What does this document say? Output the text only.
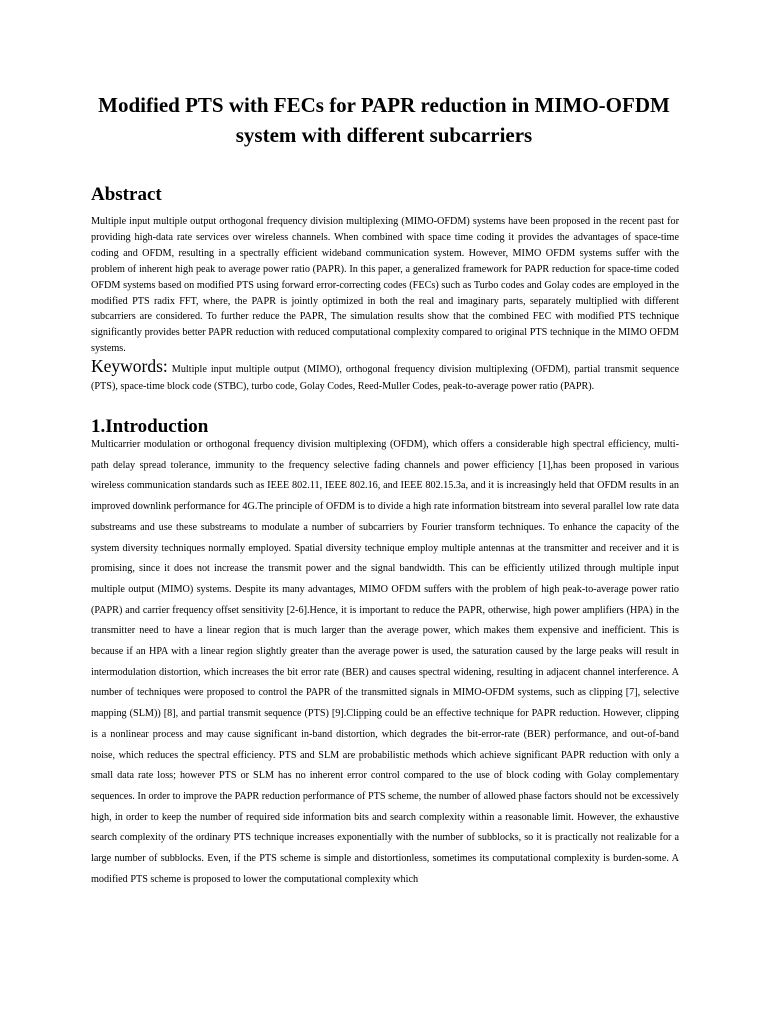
Modified PTS with FECs for PAPR reduction in MIMO-OFDM
system with different subcarriers
Abstract

Multiple input multiple output orthogonal frequency division multiplexing (MIMO-OFDM) systems have been proposed in the recent past for providing high-data rate services over wireless channels. When combined with space time coding it provides the advantages of space-time coding and OFDM, resulting in a spectrally efficient wideband communication system. However, MIMO OFDM systems suffer with the problem of inherent high peak to average power ratio (PAPR). In this paper, a generalized framework for PAPR reduction for space-time coded OFDM systems based on modified PTS using forward error-correcting codes (FECs) such as Turbo codes and Golay codes are employed in the modified PTS radix FFT, where, the PAPR is jointly optimized in both the real and imaginary parts, separately multiplied with different subcarriers are considered. To further reduce the PAPR, The simulation results show that the combined FEC with modified PTS technique significantly provides better PAPR reduction with reduced computational complexity compared to original PTS technique in the MIMO OFDM systems.

Keywords: Multiple input multiple output (MIMO), orthogonal frequency division multiplexing (OFDM), partial transmit sequence (PTS), space-time block code (STBC), turbo code, Golay Codes, Reed-Muller Codes, peak-to-average power ratio (PAPR).

1.Introduction

Multicarrier modulation or orthogonal frequency division multiplexing (OFDM), which offers a considerable high spectral efficiency, multi-path delay spread tolerance, immunity to the frequency selective fading channels and power efficiency [1],has been proposed in various wireless communication standards such as IEEE 802.11, IEEE 802.16, and IEEE 802.15.3a, and it is increasingly held that OFDM results in an improved downlink performance for 4G.The principle of OFDM is to divide a high rate information bitstream into several parallel low rate data substreams and use these substreams to modulate a number of subcarriers by Fourier transform techniques. To enhance the capacity of the system diversity techniques normally employed. Spatial diversity technique employ multiple antennas at the transmitter and receiver and it is promising, since it does not increase the transmit power and the signal bandwidth. This can be efficiently utilized through multiple input multiple output (MIMO) systems. Despite its many advantages, MIMO OFDM suffers with the problem of high peak-to-average power ratio (PAPR) and carrier frequency offset sensitivity [2-6].Hence, it is important to reduce the PAPR, otherwise, high power amplifiers (HPA) in the transmitter need to have a linear region that is much larger than the average power, which makes them expensive and inefficient. This is because if an HPA with a linear region slightly greater than the average power is used, the saturation caused by the large peaks will result in intermodulation distortion, which increases the bit error rate (BER) and causes spectral widening, resulting in adjacent channel interference. A number of techniques were proposed to control the PAPR of the transmitted signals in MIMO-OFDM systems, such as clipping [7], selective mapping (SLM)) [8], and partial transmit sequence (PTS) [9].Clipping could be an effective technique for PAPR reduction. However, clipping is a nonlinear process and may cause significant in-band distortion, which degrades the bit-error-rate (BER) performance, and out-of-band noise, which reduces the spectral efficiency. PTS and SLM are probabilistic methods which achieve significant PAPR reduction with only a small data rate loss; however PTS or SLM has no inherent error control compared to the use of block coding with Golay complementary sequences. In order to improve the PAPR reduction performance of PTS scheme, the number of allowed phase factors should not be excessively high, in order to keep the number of required side information bits and search complexity within a reasonable limit. However, the exhaustive search complexity of the ordinary PTS technique increases exponentially with the number of subblocks, so it is practically not realizable for a large number of subblocks. Even, if the PTS scheme is simple and distortionless, sometimes its computational complexity is burden-some. A modified PTS scheme is proposed to lower the computational complexity which
